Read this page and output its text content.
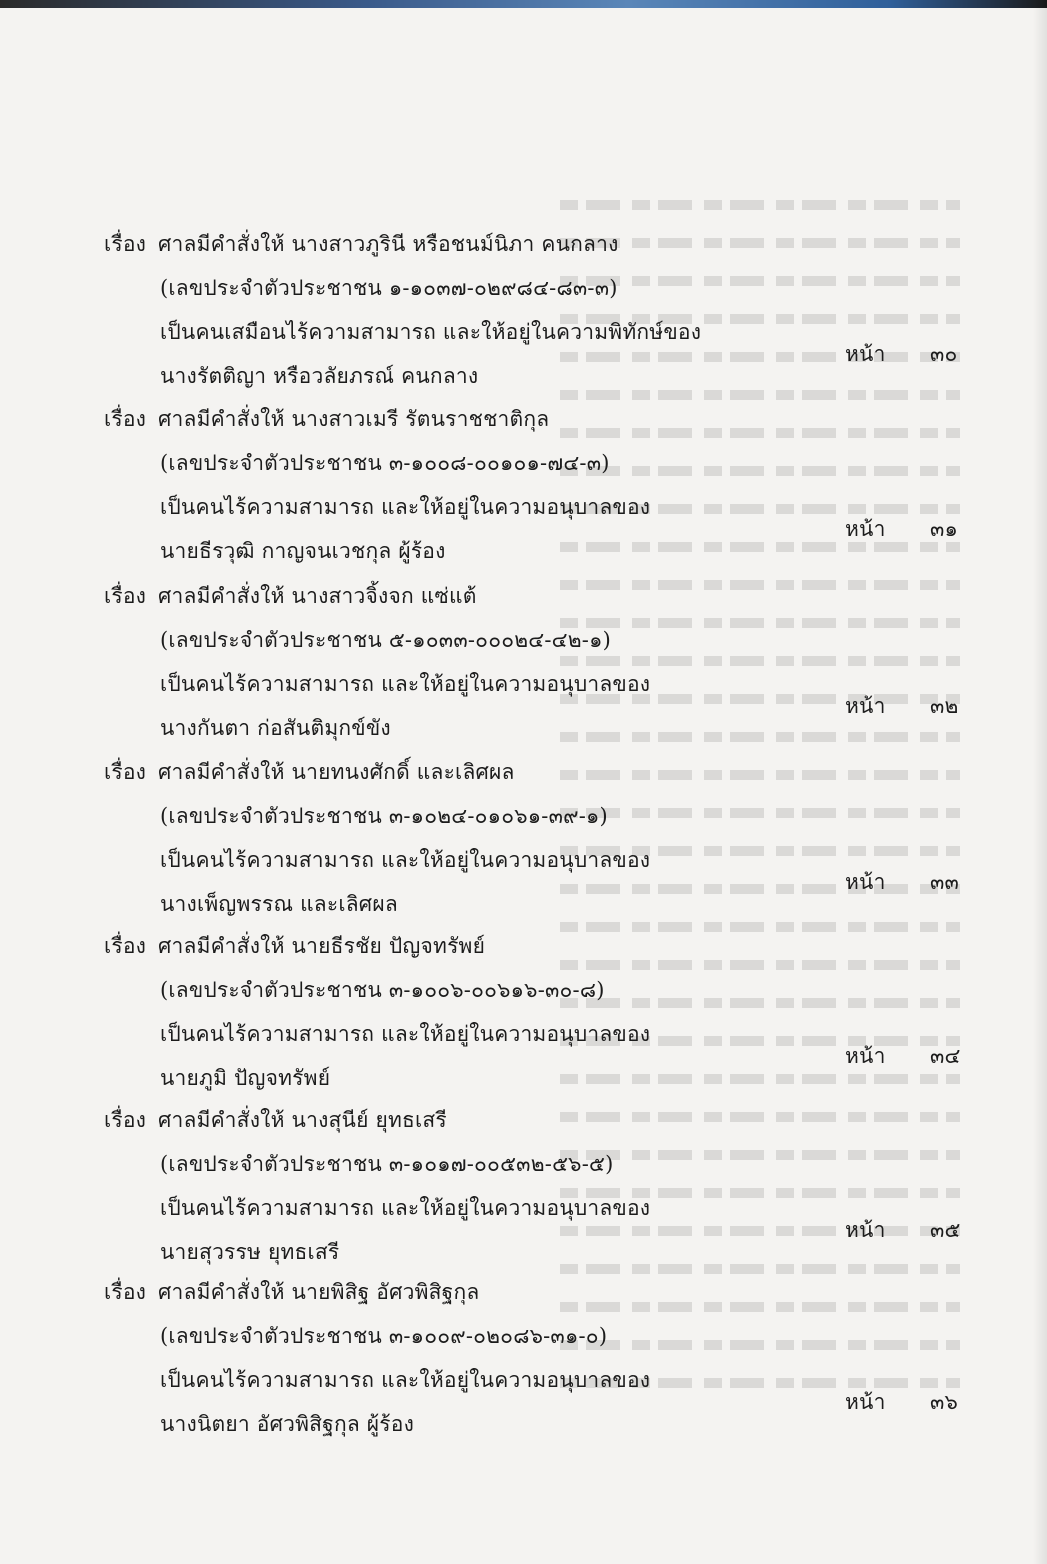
เรื่อง ศาลมีคำสั่งให้ นางสาวภูรินี หรือชนม์นิภา คนกลาง
(เลขประจำตัวประชาชน ๑-๑๐๓๗-๐๒๙๘๔-๘๓-๓)
เป็นคนเสมือนไร้ความสามารถ และให้อยู่ในความพิทักษ์ของ
นางรัตติญา หรือวลัยภรณ์ คนกลาง
หน้า ๓๐
เรื่อง ศาลมีคำสั่งให้ นางสาวเมรี รัตนราชชาติกุล
(เลขประจำตัวประชาชน ๓-๑๐๐๘-๐๐๑๐๑-๗๔-๓)
เป็นคนไร้ความสามารถ และให้อยู่ในความอนุบาลของ
นายธีรวุฒิ กาญจนเวชกุล ผู้ร้อง
หน้า ๓๑
เรื่อง ศาลมีคำสั่งให้ นางสาวจิ้งจก แซ่แต้
(เลขประจำตัวประชาชน ๕-๑๐๓๓-๐๐๐๒๔-๔๒-๑)
เป็นคนไร้ความสามารถ และให้อยู่ในความอนุบาลของ
นางกันตา ก่อสันติมุกข์ขัง
หน้า ๓๒
เรื่อง ศาลมีคำสั่งให้ นายทนงศักดิ์ และเลิศผล
(เลขประจำตัวประชาชน ๓-๑๐๒๔-๐๑๐๖๑-๓๙-๑)
เป็นคนไร้ความสามารถ และให้อยู่ในความอนุบาลของ
นางเพ็ญพรรณ และเลิศผล
หน้า ๓๓
เรื่อง ศาลมีคำสั่งให้ นายธีรชัย ปัญจทรัพย์
(เลขประจำตัวประชาชน ๓-๑๐๐๖-๐๐๖๑๖-๓๐-๘)
เป็นคนไร้ความสามารถ และให้อยู่ในความอนุบาลของ
นายภูมิ ปัญจทรัพย์
หน้า ๓๔
เรื่อง ศาลมีคำสั่งให้ นางสุนีย์ ยุทธเสรี
(เลขประจำตัวประชาชน ๓-๑๐๑๗-๐๐๕๓๒-๕๖-๕)
เป็นคนไร้ความสามารถ และให้อยู่ในความอนุบาลของ
นายสุวรรษ ยุทธเสรี
หน้า ๓๕
เรื่อง ศาลมีคำสั่งให้ นายพิสิฐ อัศวพิสิฐกุล
(เลขประจำตัวประชาชน ๓-๑๐๐๙-๐๒๐๘๖-๓๑-๐)
เป็นคนไร้ความสามารถ และให้อยู่ในความอนุบาลของ
นางนิตยา อัศวพิสิฐกุล ผู้ร้อง
หน้า ๓๖
